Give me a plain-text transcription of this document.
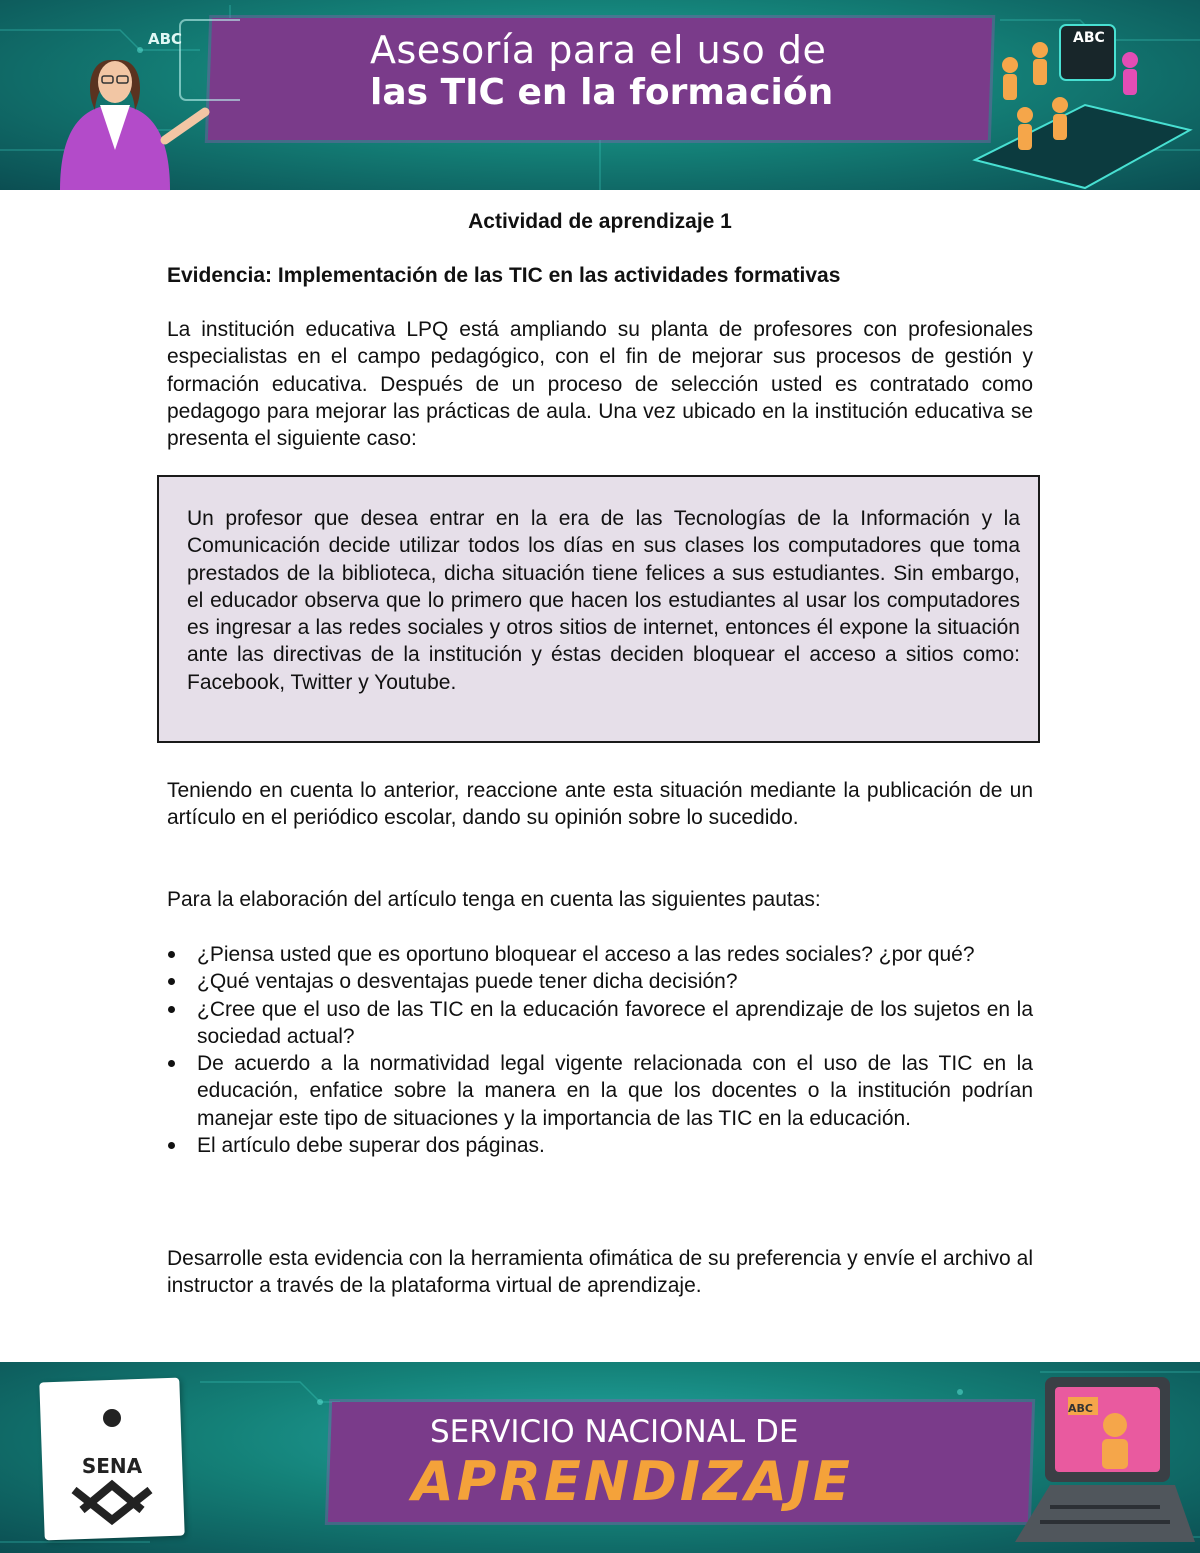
ABC	Asesoría para el uso de
las TIC en la formación
ABC
Actividad de aprendizaje 1
Evidencia: Implementación de las TIC en las actividades formativas

La institución educativa LPQ está ampliando su planta de profesores con profesionales especialistas en el campo pedagógico, con el fin de mejorar sus procesos de gestión y formación educativa. Después de un proceso de selección usted es contratado como pedagogo para mejorar las prácticas de aula. Una vez ubicado en la institución educativa se presenta el siguiente caso:

Un profesor que desea entrar en la era de las Tecnologías de la Información y la Comunicación decide utilizar todos los días en sus clases los computadores que toma prestados de la biblioteca, dicha situación tiene felices a sus estudiantes. Sin embargo, el educador observa que lo primero que hacen los estudiantes al usar los computadores es ingresar a las redes sociales y otros sitios de internet, entonces él expone la situación ante las directivas de la institución y éstas deciden bloquear el acceso a sitios como: Facebook, Twitter y Youtube.

Teniendo en cuenta lo anterior, reaccione ante esta situación mediante la publicación de un artículo en el periódico escolar, dando su opinión sobre lo sucedido.

Para la elaboración del artículo tenga en cuenta las siguientes pautas:

¿Piensa usted que es oportuno bloquear el acceso a las redes sociales? ¿por qué?
¿Qué ventajas o desventajas puede tener dicha decisión?
¿Cree que el uso de las TIC en la educación favorece el aprendizaje de los sujetos en la sociedad actual?
De acuerdo a la normatividad legal vigente relacionada con el uso de las TIC en la educación, enfatice sobre la manera en la que los docentes o la institución podrían manejar este tipo de situaciones y la importancia de las TIC en la educación.
El artículo debe superar dos páginas.

Desarrolle esta evidencia con la herramienta ofimática de su preferencia y envíe el archivo al instructor a través de la plataforma virtual de aprendizaje.

SENA
SERVICIO NACIONAL DE
APRENDIZAJE
ABC
